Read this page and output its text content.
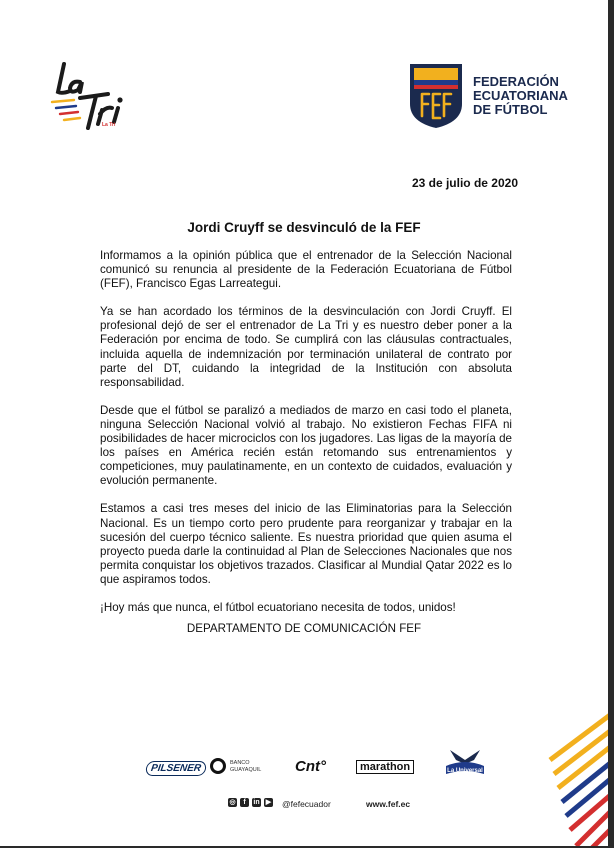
La Tri
FEDERACIÓN
ECUATORIANA
DE FÚTBOL
23 de julio de 2020
Jordi Cruyff se desvinculó de la FEF

Informamos a la opinión pública que el entrenador de la Selección Nacional comunicó su renuncia al presidente de la Federación Ecuatoriana de Fútbol (FEF), Francisco Egas Larreategui.

Ya se han acordado los términos de la desvinculación con Jordi Cruyff. El profesional dejó de ser el entrenador de La Tri y es nuestro deber poner a la Federación por encima de todo. Se cumplirá con las cláusulas contractuales, incluida aquella de indemnización por terminación unilateral de contrato por parte del DT, cuidando la integridad de la Institución con absoluta responsabilidad.

Desde que el fútbol se paralizó a mediados de marzo en casi todo el planeta, ninguna Selección Nacional volvió al trabajo. No existieron Fechas FIFA ni posibilidades de hacer microciclos con los jugadores. Las ligas de la mayoría de los países en América recién están retomando sus entrenamientos y competiciones, muy paulatinamente, en un contexto de cuidados, evaluación y evolución permanente.

Estamos a casi tres meses del inicio de las Eliminatorias para la Selección Nacional. Es un tiempo corto pero prudente para reorganizar y trabajar en la sucesión del cuerpo técnico saliente. Es nuestra prioridad que quien asuma el proyecto pueda darle la continuidad al Plan de Selecciones Nacionales que nos permita conquistar los objetivos trazados. Clasificar al Mundial Qatar 2022 es lo que aspiramos todos.

¡Hoy más que nunca, el fútbol ecuatoriano necesita de todos, unidos!

DEPARTAMENTO DE COMUNICACIÓN FEF
PILSENER	BANCO
GUAYAQUIL Cnt°	marathon	La Universal
◎	f	in ▶ @fefecuador	www.fef.ec
